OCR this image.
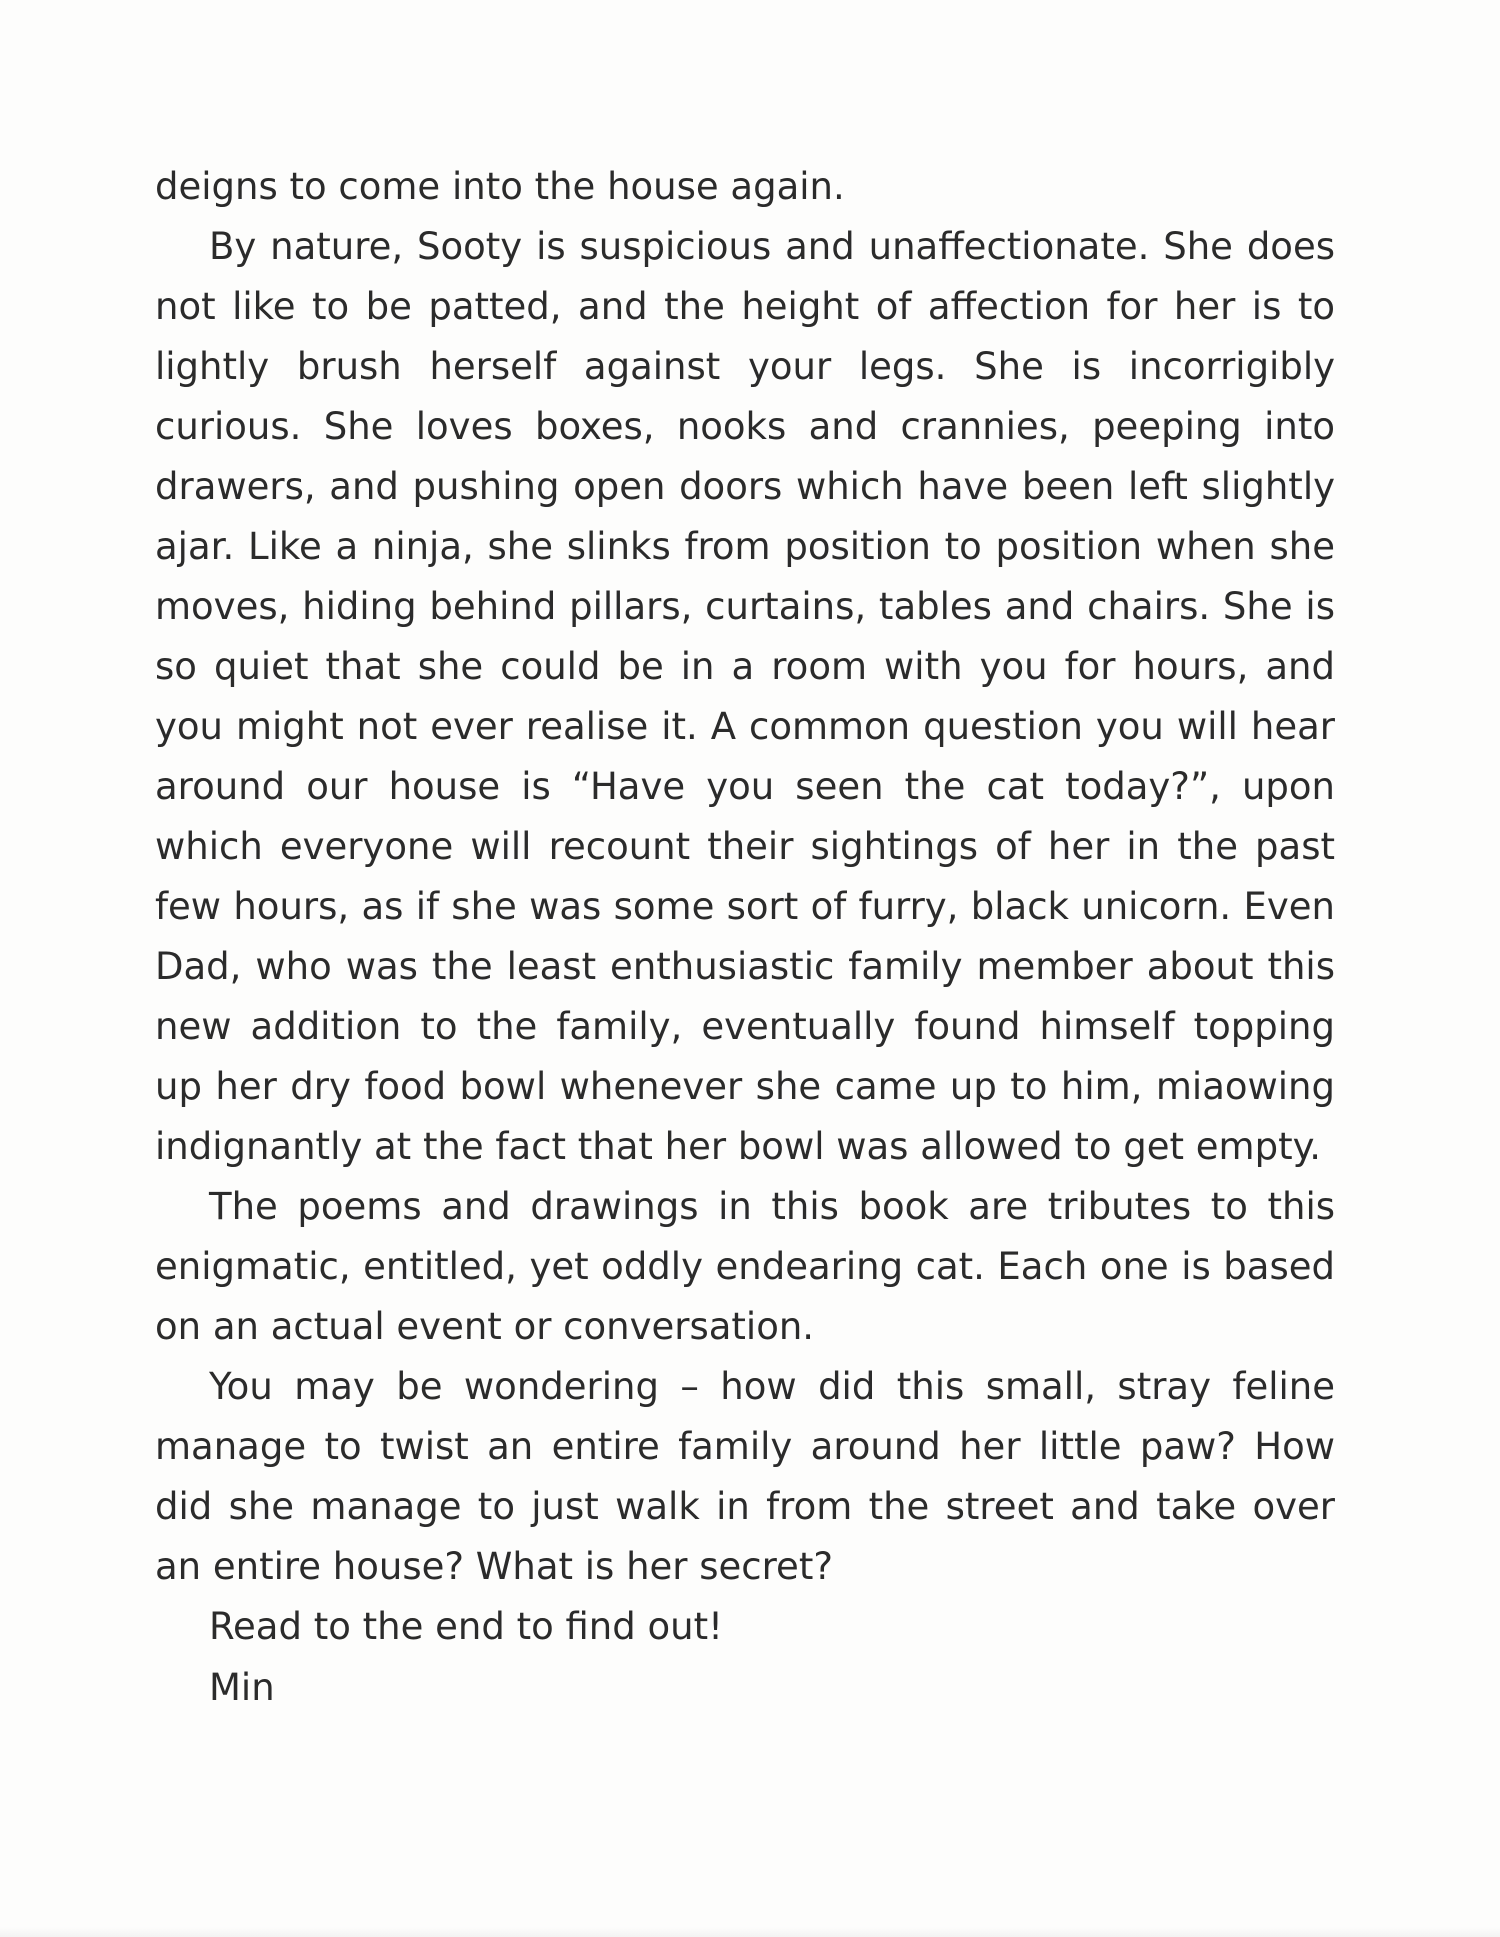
deigns to come into the house again.

By nature, Sooty is suspicious and unaffectionate. She does not like to be patted, and the height of affection for her is to lightly brush herself against your legs. She is incorrigibly curious. She loves boxes, nooks and crannies, peeping into drawers, and pushing open doors which have been left slightly ajar. Like a ninja, she slinks from position to position when she moves, hiding behind pillars, curtains, tables and chairs. She is so quiet that she could be in a room with you for hours, and you might not ever realise it. A common question you will hear around our house is “Have you seen the cat today?”, upon which everyone will recount their sightings of her in the past few hours, as if she was some sort of furry, black unicorn. Even Dad, who was the least enthusiastic family member about this new addition to the family, eventually found himself topping up her dry food bowl whenever she came up to him, miaowing indignantly at the fact that her bowl was allowed to get empty.

The poems and drawings in this book are tributes to this enigmatic, entitled, yet oddly endearing cat. Each one is based on an actual event or conversation.

You may be wondering – how did this small, stray feline manage to twist an entire family around her little paw? How did she manage to just walk in from the street and take over an entire house? What is her secret?

Read to the end to find out!

Min
